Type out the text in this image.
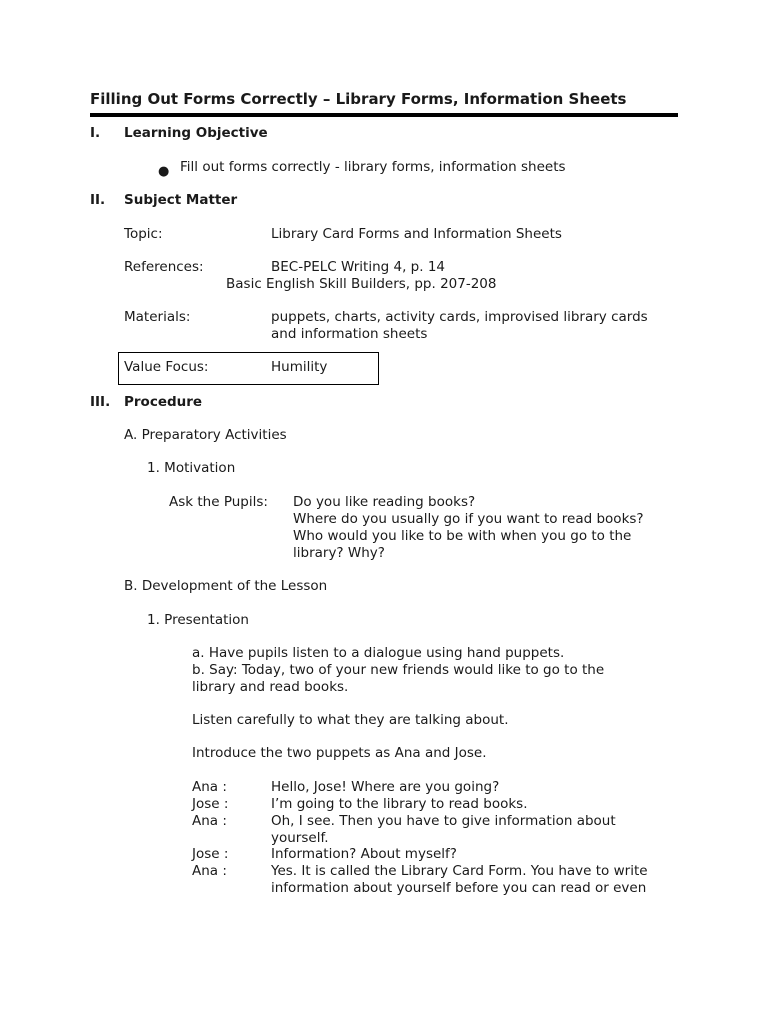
Filling Out Forms Correctly – Library Forms, Information Sheets
I. Learning Objective
● Fill out forms correctly - library forms, information sheets
II. Subject Matter
Topic:	Library Card Forms and Information Sheets
References:	BEC-PELC Writing 4, p. 14
Basic English Skill Builders, pp. 207-208
Materials:	puppets, charts, activity cards, improvised library cards
and information sheets
Value Focus:	Humility
III. Procedure
A. Preparatory Activities
1. Motivation
Ask the Pupils: Do you like reading books?
Where do you usually go if you want to read books?
Who would you like to be with when you go to the
library? Why?
B. Development of the Lesson
1. Presentation
a. Have pupils listen to a dialogue using hand puppets.
b. Say: Today, two of your new friends would like to go to the
library and read books.
Listen carefully to what they are talking about.
Introduce the two puppets as Ana and Jose.
Ana :	Hello, Jose! Where are you going?
Jose :	I’m going to the library to read books.
Ana :	Oh, I see. Then you have to give information about
yourself.
Jose :	Information? About myself?
Ana :	Yes. It is called the Library Card Form. You have to write
information about yourself before you can read or even
